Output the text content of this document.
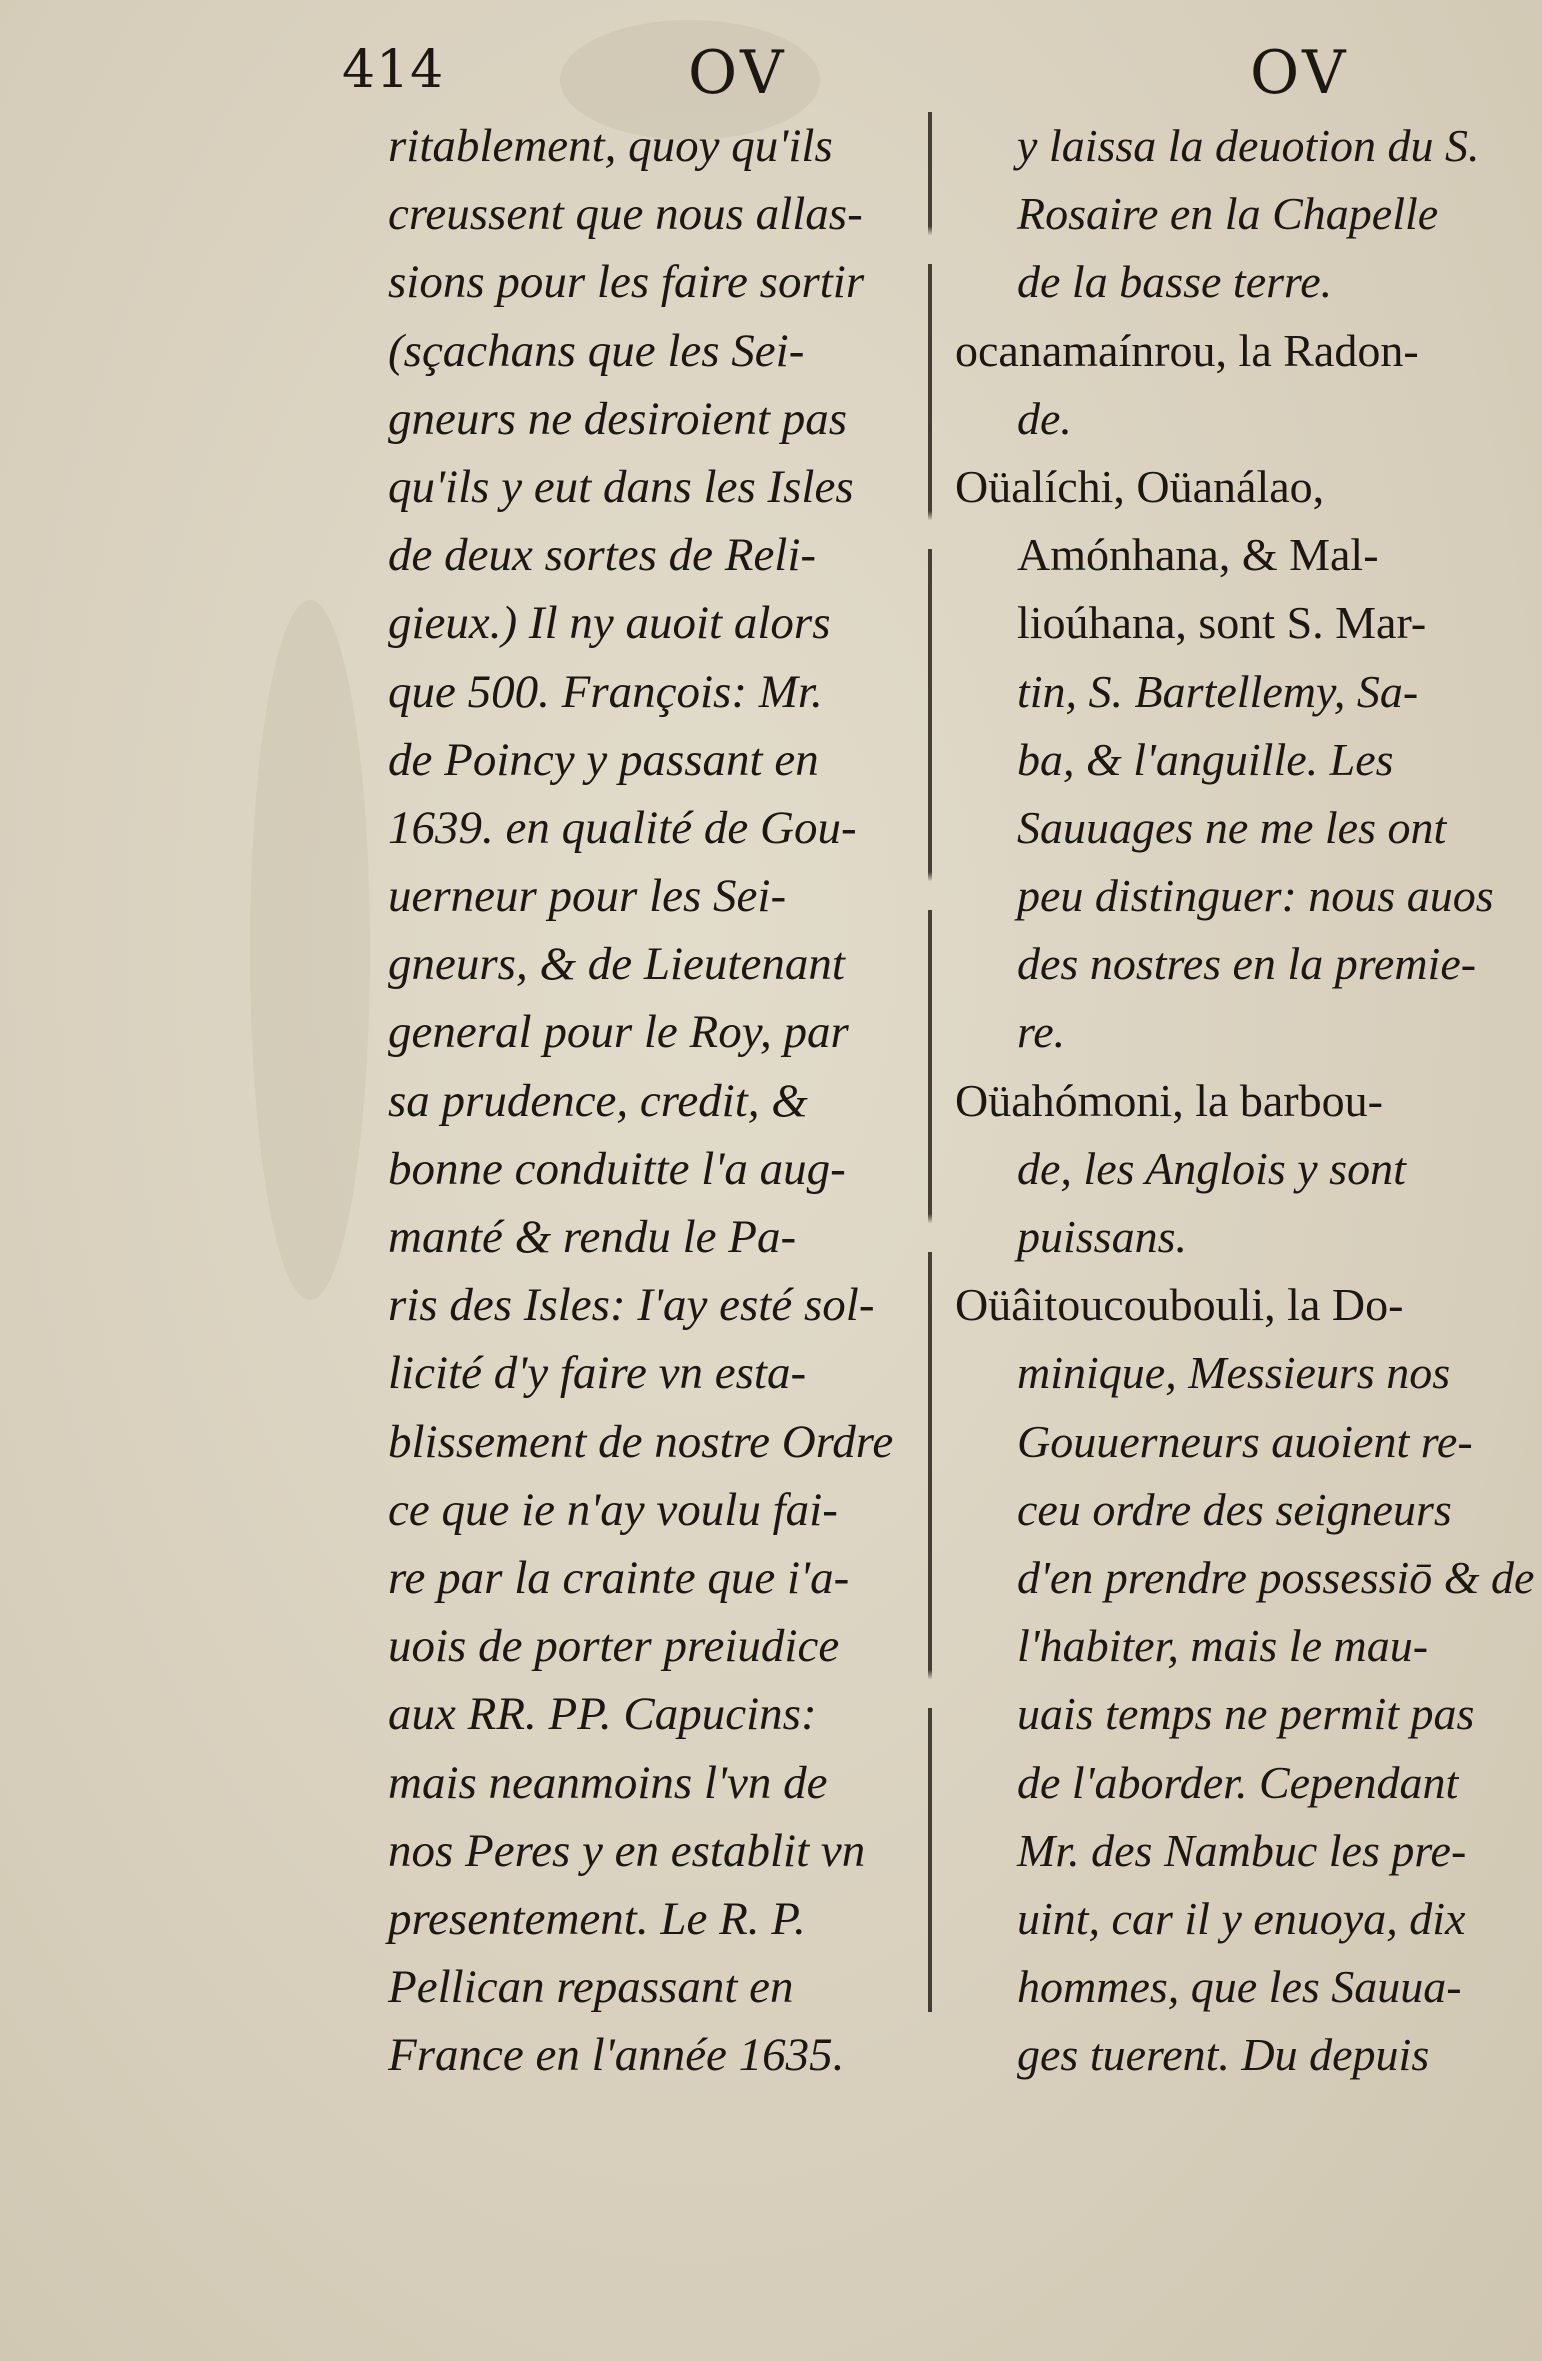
414	OV	OV
ritablement, quoy qu'ils
creussent que nous allas-
sions pour les faire sortir
(sçachans que les Sei-
gneurs ne desiroient pas
qu'ils y eut dans les Isles
de deux sortes de Reli-
gieux.) Il ny auoit alors
que 500. François: Mr.
de Poincy y passant en
1639. en qualité de Gou-
uerneur pour les Sei-
gneurs, & de Lieutenant
general pour le Roy, par
sa prudence, credit, &
bonne conduitte l'a aug-
manté & rendu le Pa-
ris des Isles: I'ay esté sol-
licité d'y faire vn esta-
blissement de nostre Ordre
ce que ie n'ay voulu fai-
re par la crainte que i'a-
uois de porter preiudice
aux RR. PP. Capucins:
mais neanmoins l'vn de
nos Peres y en establit vn
presentement. Le R. P.
Pellican repassant en
France en l'année 1635.
y laissa la deuotion du S.
Rosaire en la Chapelle
de la basse terre.
ocanamaínrou, la Radon-
de.
Oüalíchi, Oüanálao,
Amónhana, & Mal-
lioúhana, sont S. Mar-
tin, S. Bartellemy, Sa-
ba, & l'anguille. Les
Sauuages ne me les ont
peu distinguer: nous auos
des nostres en la premie-
re.
Oüahómoni, la barbou-
de, les Anglois y sont
puissans.
Oüâitoucoubouli, la Do-
minique, Messieurs nos
Gouuerneurs auoient re-
ceu ordre des seigneurs
d'en prendre possessiō & de
l'habiter, mais le mau-
uais temps ne permit pas
de l'aborder. Cependant
Mr. des Nambuc les pre-
uint, car il y enuoya, dix
hommes, que les Sauua-
ges tuerent. Du depuis
